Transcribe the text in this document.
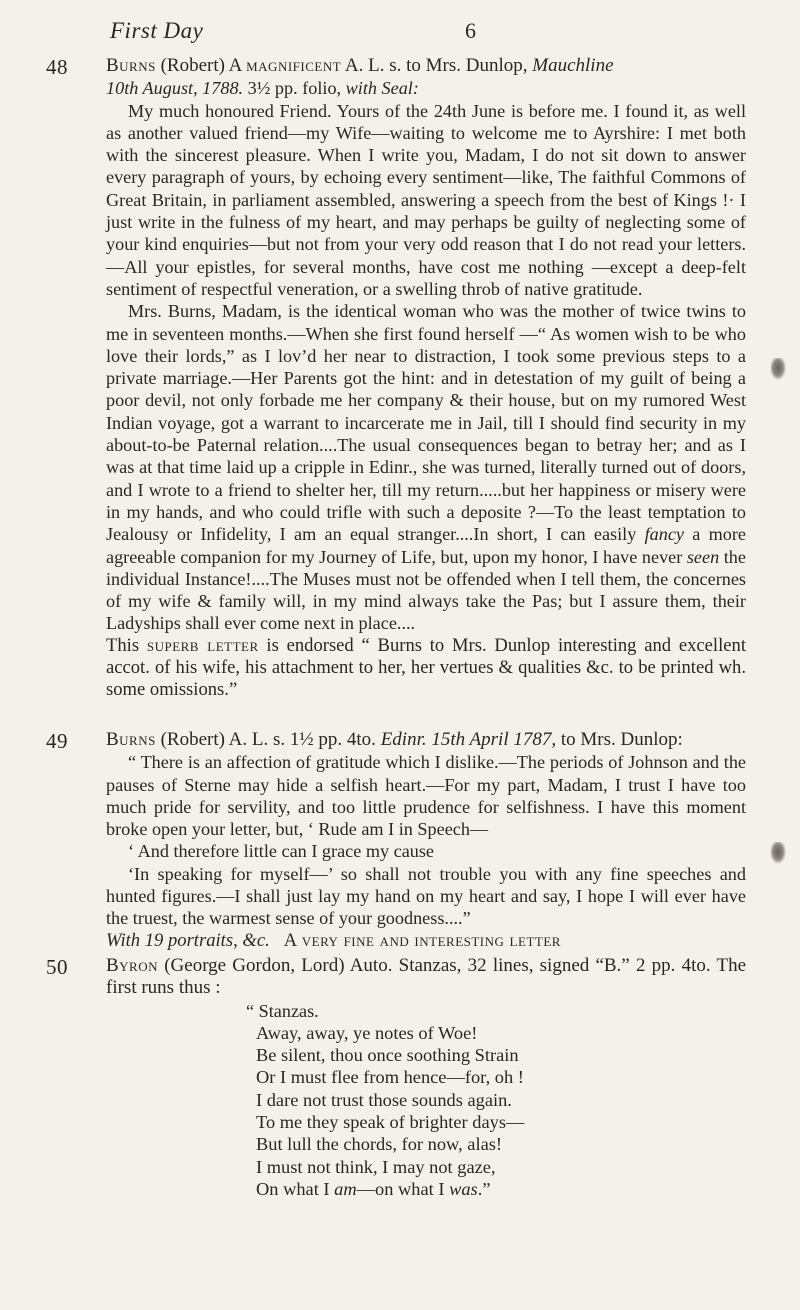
First Day	6
48 Burns (Robert) A magnificent A. L. s. to Mrs. Dunlop, Mauchline

10th August, 1788. 3½ pp. folio, with Seal:

My much honoured Friend. Yours of the 24th June is before me. I found it, as well as another valued friend—my Wife—waiting to welcome me to Ayrshire: I met both with the sincerest pleasure. When I write you, Madam, I do not sit down to answer every paragraph of yours, by echoing every sentiment—like, The faithful Commons of Great Britain, in parliament assembled, answering a speech from the best of Kings !· I just write in the fulness of my heart, and may perhaps be guilty of neglecting some of your kind enquiries—but not from your very odd reason that I do not read your letters.—All your epistles, for several months, have cost me nothing —except a deep-felt sentiment of respectful veneration, or a swelling throb of native gratitude.

Mrs. Burns, Madam, is the identical woman who was the mother of twice twins to me in seventeen months.—When she first found herself —“ As women wish to be who love their lords,” as I lov’d her near to distraction, I took some previous steps to a private marriage.—Her Parents got the hint: and in detestation of my guilt of being a poor devil, not only forbade me her company & their house, but on my rumored West Indian voyage, got a warrant to incarcerate me in Jail, till I should find security in my about-to-be Paternal relation....The usual consequences began to betray her; and as I was at that time laid up a cripple in Edinr., she was turned, literally turned out of doors, and I wrote to a friend to shelter her, till my return.....but her happiness or misery were in my hands, and who could trifle with such a deposite ?—To the least temptation to Jealousy or Infidelity, I am an equal stranger....In short, I can easily fancy a more agreeable companion for my Journey of Life, but, upon my honor, I have never seen the individual Instance!....The Muses must not be offended when I tell them, the concernes of my wife & family will, in my mind always take the Pas; but I assure them, their Ladyships shall ever come next in place....

This superb letter is endorsed “ Burns to Mrs. Dunlop interesting and excellent accot. of his wife, his attachment to her, her vertues & qualities &c. to be printed wh. some omissions.”

49 Burns (Robert) A. L. s. 1½ pp. 4to. Edinr. 15th April 1787, to Mrs. Dunlop:

“ There is an affection of gratitude which I dislike.—The periods of Johnson and the pauses of Sterne may hide a selfish heart.—For my part, Madam, I trust I have too much pride for servility, and too little prudence for selfishness. I have this moment broke open your letter, but, ‘ Rude am I in Speech—

‘ And therefore little can I grace my cause

‘In speaking for myself—’ so shall not trouble you with any fine speeches and hunted figures.—I shall just lay my hand on my heart and say, I hope I will ever have the truest, the warmest sense of your goodness....”

With 19 portraits, &c. A very fine and interesting letter

50 Byron (George Gordon, Lord) Auto. Stanzas, 32 lines, signed “B.” 2 pp. 4to. The first runs thus :

“ Stanzas.

Away, away, ye notes of Woe!
Be silent, thou once soothing Strain
Or I must flee from hence—for, oh !
I dare not trust those sounds again.
To me they speak of brighter days—
But lull the chords, for now, alas!
I must not think, I may not gaze,
On what I am—on what I was.”
